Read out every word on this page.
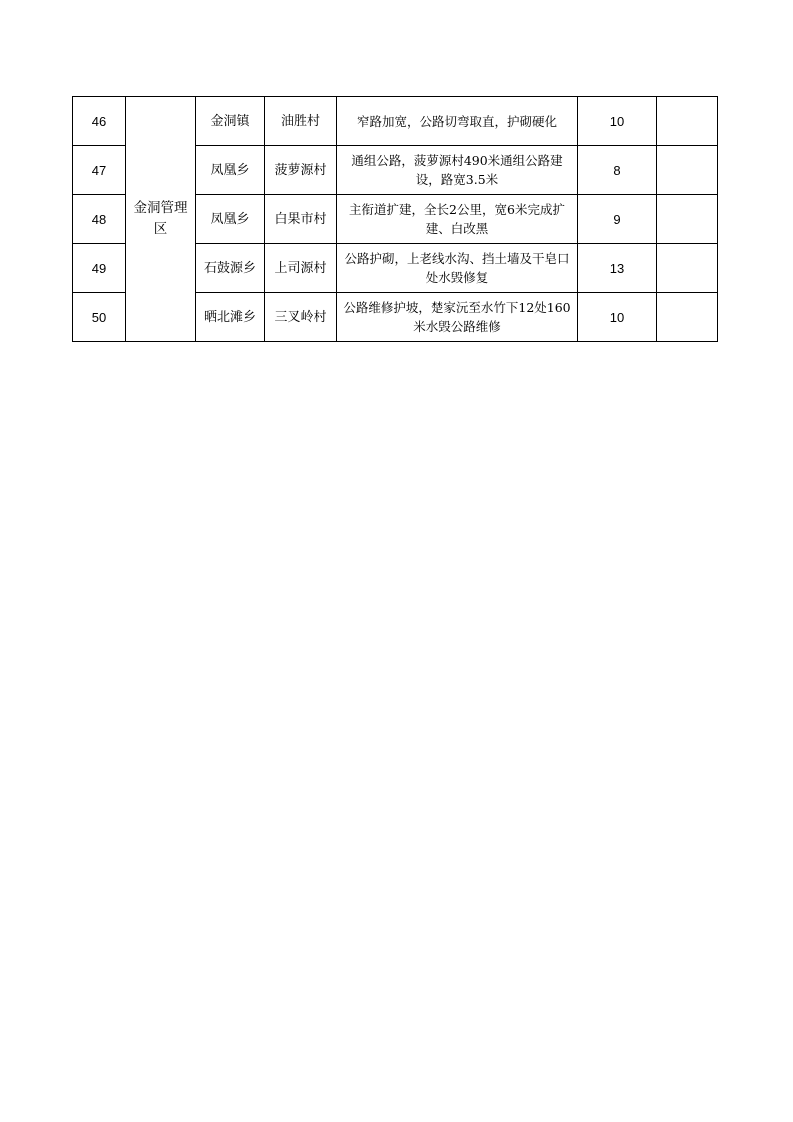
46	金洞管理区	金洞镇	油胜村	窄路加宽，公路切弯取直，护砌硬化	10	
47		凤凰乡	菠萝源村	通组公路，菠萝源村490米通组公路建设，路宽3.5米	8	
48		凤凰乡	白果市村	主衔道扩建，全长2公里，宽6米完成扩建、白改黑	9	
49		石鼓源乡	上司源村	公路护砌，上老线水沟、挡土墙及干皂口处水毁修复	13	
50		晒北滩乡	三叉岭村	公路维修护坡，楚家沅至水竹下12处160米水毁公路维修	10	
